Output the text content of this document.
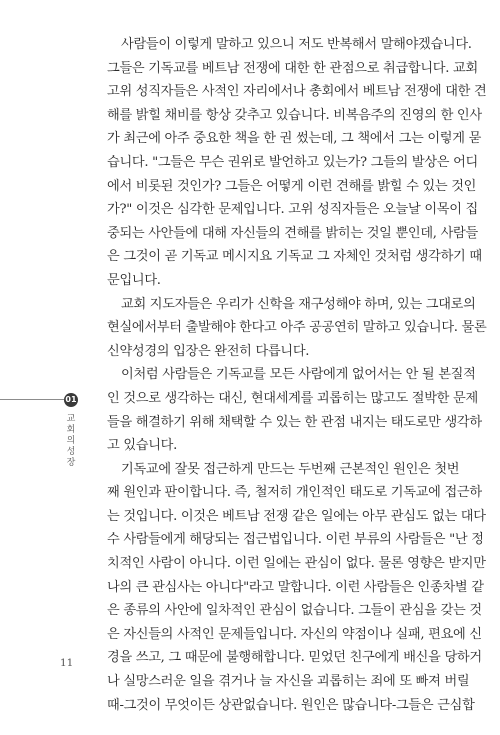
01
교
회
의
성
장
사람들이 이렇게 말하고 있으니 저도 반복해서 말해야겠습니다.
그들은 기독교를 베트남 전쟁에 대한 한 관점으로 취급합니다. 교회
고위 성직자들은 사적인 자리에서나 총회에서 베트남 전쟁에 대한 견
해를 밝힐 채비를 항상 갖추고 있습니다. 비복음주의 진영의 한 인사
가 최근에 아주 중요한 책을 한 권 썼는데, 그 책에서 그는 이렇게 묻
습니다. "그들은 무슨 권위로 발언하고 있는가? 그들의 발상은 어디
에서 비롯된 것인가? 그들은 어떻게 이런 견해를 밝힐 수 있는 것인
가?" 이것은 심각한 문제입니다. 고위 성직자들은 오늘날 이목이 집
중되는 사안들에 대해 자신들의 견해를 밝히는 것일 뿐인데, 사람들
은 그것이 곧 기독교 메시지요 기독교 그 자체인 것처럼 생각하기 때
문입니다.
교회 지도자들은 우리가 신학을 재구성해야 하며, 있는 그대로의
현실에서부터 출발해야 한다고 아주 공공연히 말하고 있습니다. 물론
신약성경의 입장은 완전히 다릅니다.
이처럼 사람들은 기독교를 모든 사람에게 없어서는 안 될 본질적
인 것으로 생각하는 대신, 현대세계를 괴롭히는 많고도 절박한 문제
들을 해결하기 위해 채택할 수 있는 한 관점 내지는 태도로만 생각하
고 있습니다.
기독교에 잘못 접근하게 만드는 두번째 근본적인 원인은 첫번
째 원인과 판이합니다. 즉, 철저히 개인적인 태도로 기독교에 접근하
는 것입니다. 이것은 베트남 전쟁 같은 일에는 아무 관심도 없는 대다
수 사람들에게 해당되는 접근법입니다. 이런 부류의 사람들은 "난 정
치적인 사람이 아니다. 이런 일에는 관심이 없다. 물론 영향은 받지만
나의 큰 관심사는 아니다"라고 말합니다. 이런 사람들은 인종차별 같
은 종류의 사안에 일차적인 관심이 없습니다. 그들이 관심을 갖는 것
은 자신들의 사적인 문제들입니다. 자신의 약점이나 실패, 편요에 신
경을 쓰고, 그 때문에 불행해합니다. 믿었던 친구에게 배신을 당하거
나 실망스러운 일을 겪거나 늘 자신을 괴롭히는 죄에 또 빠져 버릴
때-그것이 무엇이든 상관없습니다. 원인은 많습니다-그들은 근심합
11
